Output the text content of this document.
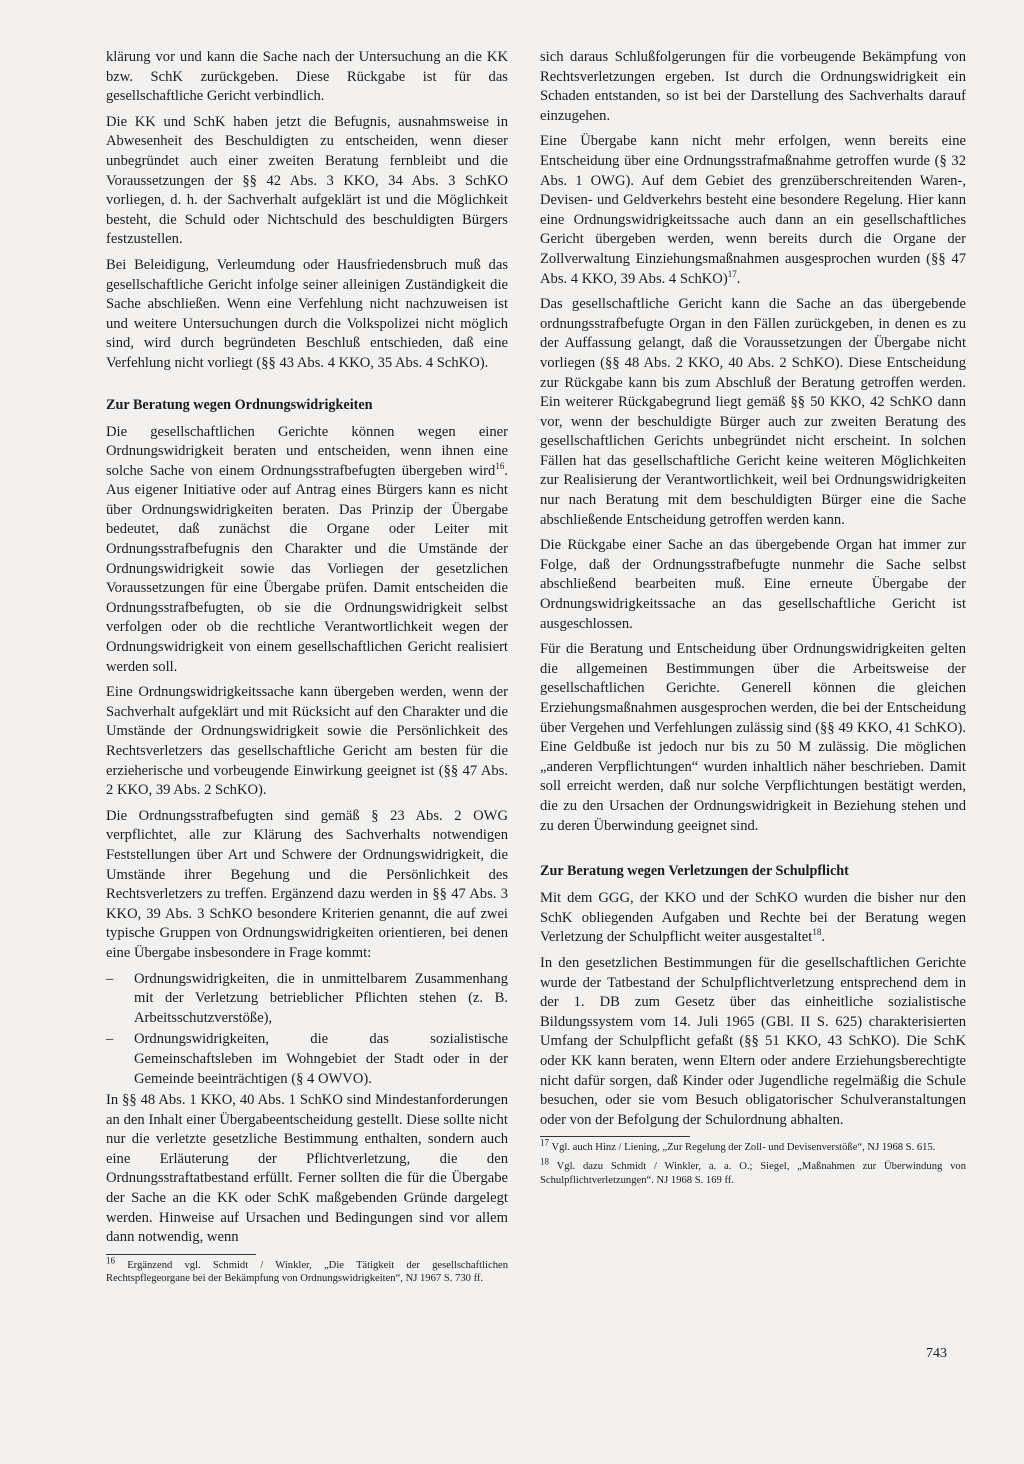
klärung vor und kann die Sache nach der Untersuchung an die KK bzw. SchK zurückgeben. Diese Rückgabe ist für das gesellschaftliche Gericht verbindlich.

Die KK und SchK haben jetzt die Befugnis, ausnahmsweise in Abwesenheit des Beschuldigten zu entscheiden, wenn dieser unbegründet auch einer zweiten Beratung fernbleibt und die Voraussetzungen der §§ 42 Abs. 3 KKO, 34 Abs. 3 SchKO vorliegen, d. h. der Sachverhalt aufgeklärt ist und die Möglichkeit besteht, die Schuld oder Nichtschuld des beschuldigten Bürgers festzustellen.

Bei Beleidigung, Verleumdung oder Hausfriedensbruch muß das gesellschaftliche Gericht infolge seiner alleinigen Zuständigkeit die Sache abschließen. Wenn eine Verfehlung nicht nachzuweisen ist und weitere Untersuchungen durch die Volkspolizei nicht möglich sind, wird durch begründeten Beschluß entschieden, daß eine Verfehlung nicht vorliegt (§§ 43 Abs. 4 KKO, 35 Abs. 4 SchKO).

Zur Beratung wegen Ordnungswidrigkeiten

Die gesellschaftlichen Gerichte können wegen einer Ordnungswidrigkeit beraten und entscheiden, wenn ihnen eine solche Sache von einem Ordnungsstrafbefugten übergeben wird$^{16}$. Aus eigener Initiative oder auf Antrag eines Bürgers kann es nicht über Ordnungswidrigkeiten beraten. Das Prinzip der Übergabe bedeutet, daß zunächst die Organe oder Leiter mit Ordnungsstrafbefugnis den Charakter und die Umstände der Ordnungswidrigkeit sowie das Vorliegen der gesetzlichen Voraussetzungen für eine Übergabe prüfen. Damit entscheiden die Ordnungsstrafbefugten, ob sie die Ordnungswidrigkeit selbst verfolgen oder ob die rechtliche Verantwortlichkeit wegen der Ordnungswidrigkeit von einem gesellschaftlichen Gericht realisiert werden soll.

Eine Ordnungswidrigkeitssache kann übergeben werden, wenn der Sachverhalt aufgeklärt und mit Rücksicht auf den Charakter und die Umstände der Ordnungswidrigkeit sowie die Persönlichkeit des Rechtsverletzers das gesellschaftliche Gericht am besten für die erzieherische und vorbeugende Einwirkung geeignet ist (§§ 47 Abs. 2 KKO, 39 Abs. 2 SchKO).

Die Ordnungsstrafbefugten sind gemäß § 23 Abs. 2 OWG verpflichtet, alle zur Klärung des Sachverhalts notwendigen Feststellungen über Art und Schwere der Ordnungswidrigkeit, die Umstände ihrer Begehung und die Persönlichkeit des Rechtsverletzers zu treffen. Ergänzend dazu werden in §§ 47 Abs. 3 KKO, 39 Abs. 3 SchKO besondere Kriterien genannt, die auf zwei typische Gruppen von Ordnungswidrigkeiten orientieren, bei denen eine Übergabe insbesondere in Frage kommt:

– Ordnungswidrigkeiten, die in unmittelbarem Zusammenhang mit der Verletzung betrieblicher Pflichten stehen (z. B. Arbeitsschutzverstöße),
– Ordnungswidrigkeiten, die das sozialistische Gemeinschaftsleben im Wohngebiet der Stadt oder in der Gemeinde beeinträchtigen (§ 4 OWVO).

In §§ 48 Abs. 1 KKO, 40 Abs. 1 SchKO sind Mindestanforderungen an den Inhalt einer Übergabeentscheidung gestellt. Diese sollte nicht nur die verletzte gesetzliche Bestimmung enthalten, sondern auch eine Erläuterung der Pflichtverletzung, die den Ordnungsstraftatbestand erfüllt. Ferner sollten die für die Übergabe der Sache an die KK oder SchK maßgebenden Gründe dargelegt werden. Hinweise auf Ursachen und Bedingungen sind vor allem dann notwendig, wenn

$^{16}$ Ergänzend vgl. Schmidt / Winkler, „Die Tätigkeit der gesellschaftlichen Rechtspflegeorgane bei der Bekämpfung von Ordnungswidrigkeiten“, NJ 1967 S. 730 ff.

sich daraus Schlußfolgerungen für die vorbeugende Bekämpfung von Rechtsverletzungen ergeben. Ist durch die Ordnungswidrigkeit ein Schaden entstanden, so ist bei der Darstellung des Sachverhalts darauf einzugehen.

Eine Übergabe kann nicht mehr erfolgen, wenn bereits eine Entscheidung über eine Ordnungsstrafmaßnahme getroffen wurde (§ 32 Abs. 1 OWG). Auf dem Gebiet des grenzüberschreitenden Waren-, Devisen- und Geldverkehrs besteht eine besondere Regelung. Hier kann eine Ordnungswidrigkeitssache auch dann an ein gesellschaftliches Gericht übergeben werden, wenn bereits durch die Organe der Zollverwaltung Einziehungsmaßnahmen ausgesprochen wurden (§§ 47 Abs. 4 KKO, 39 Abs. 4 SchKO)$^{17}$.

Das gesellschaftliche Gericht kann die Sache an das übergebende ordnungsstrafbefugte Organ in den Fällen zurückgeben, in denen es zu der Auffassung gelangt, daß die Voraussetzungen der Übergabe nicht vorliegen (§§ 48 Abs. 2 KKO, 40 Abs. 2 SchKO). Diese Entscheidung zur Rückgabe kann bis zum Abschluß der Beratung getroffen werden. Ein weiterer Rückgabegrund liegt gemäß §§ 50 KKO, 42 SchKO dann vor, wenn der beschuldigte Bürger auch zur zweiten Beratung des gesellschaftlichen Gerichts unbegründet nicht erscheint. In solchen Fällen hat das gesellschaftliche Gericht keine weiteren Möglichkeiten zur Realisierung der Verantwortlichkeit, weil bei Ordnungswidrigkeiten nur nach Beratung mit dem beschuldigten Bürger eine die Sache abschließende Entscheidung getroffen werden kann.

Die Rückgabe einer Sache an das übergebende Organ hat immer zur Folge, daß der Ordnungsstrafbefugte nunmehr die Sache selbst abschließend bearbeiten muß. Eine erneute Übergabe der Ordnungswidrigkeitssache an das gesellschaftliche Gericht ist ausgeschlossen.

Für die Beratung und Entscheidung über Ordnungswidrigkeiten gelten die allgemeinen Bestimmungen über die Arbeitsweise der gesellschaftlichen Gerichte. Generell können die gleichen Erziehungsmaßnahmen ausgesprochen werden, die bei der Entscheidung über Vergehen und Verfehlungen zulässig sind (§§ 49 KKO, 41 SchKO). Eine Geldbuße ist jedoch nur bis zu 50 M zulässig. Die möglichen „anderen Verpflichtungen“ wurden inhaltlich näher beschrieben. Damit soll erreicht werden, daß nur solche Verpflichtungen bestätigt werden, die zu den Ursachen der Ordnungswidrigkeit in Beziehung stehen und zu deren Überwindung geeignet sind.

Zur Beratung wegen Verletzungen der Schulpflicht

Mit dem GGG, der KKO und der SchKO wurden die bisher nur den SchK obliegenden Aufgaben und Rechte bei der Beratung wegen Verletzung der Schulpflicht weiter ausgestaltet$^{18}$.

In den gesetzlichen Bestimmungen für die gesellschaftlichen Gerichte wurde der Tatbestand der Schulpflichtverletzung entsprechend dem in der 1. DB zum Gesetz über das einheitliche sozialistische Bildungssystem vom 14. Juli 1965 (GBl. II S. 625) charakterisierten Umfang der Schulpflicht gefaßt (§§ 51 KKO, 43 SchKO). Die SchK oder KK kann beraten, wenn Eltern oder andere Erziehungsberechtigte nicht dafür sorgen, daß Kinder oder Jugendliche regelmäßig die Schule besuchen, oder sie vom Besuch obligatorischer Schulveranstaltungen oder von der Befolgung der Schulordnung abhalten.

$^{17}$ Vgl. auch Hinz / Liening, „Zur Regelung der Zoll- und Devisenverstöße“, NJ 1968 S. 615.

$^{18}$ Vgl. dazu Schmidt / Winkler, a. a. O.; Siegel, „Maßnahmen zur Überwindung von Schulpflichtverletzungen“. NJ 1968 S. 169 ff.

743
